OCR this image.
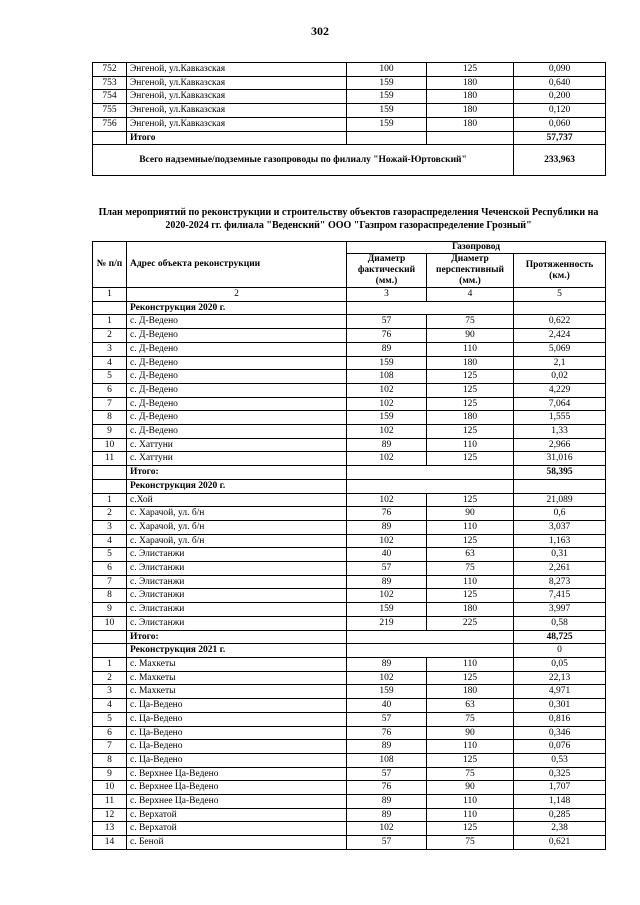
302
752	Энгеной, ул.Кавказская	100	125	0,090
753	Энгеной, ул.Кавказская	159	180	0,640
754	Энгеной, ул.Кавказская	159	180	0,200
755	Энгеной, ул.Кавказская	159	180	0,120
756	Энгеной, ул.Кавказская	159	180	0,060
	Итого			57,737
Всего надземные/подземные газопроводы по филиалу "Ножай-Юртовский"				233,963
План мероприятий по реконструкции и строительству объектов газораспределения Чеченской Республики на 2020-2024 гг. филиала "Веденский" ООО "Газпром газораспределение Грозный"
№ п/п	Адрес объекта реконструкции	Газопровод		
		Диаметр фактический (мм.)	Диаметр перспективный (мм.)	Протяженность (км.)
1	2	3	4	5
	Реконструкция 2020 г.			
1	с. Д-Ведено	57	75	0,622
2	с. Д-Ведено	76	90	2,424
3	с. Д-Ведено	89	110	5,069
4	с. Д-Ведено	159	180	2,1
5	с. Д-Ведено	108	125	0,02
6	с. Д-Ведено	102	125	4,229
7	с. Д-Ведено	102	125	7,064
8	с. Д-Ведено	159	180	1,555
9	с. Д-Ведено	102	125	1,33
10	с. Хаттуни	89	110	2,966
11	с. Хаттуни	102	125	31,016
	Итого:			58,395
	Реконструкция 2020 г.			
1	с.Хой	102	125	21,089
2	с. Харачой, ул. б/н	76	90	0,6
3	с. Харачой, ул. б/н	89	110	3,037
4	с. Харачой, ул. б/н	102	125	1,163
5	с. Элистанжи	40	63	0,31
6	с. Элистанжи	57	75	2,261
7	с. Элистанжи	89	110	8,273
8	с. Элистанжи	102	125	7,415
9	с. Элистанжи	159	180	3,997
10	с. Элистанжи	219	225	0,58
	Итого:			48,725
	Реконструкция 2021 г.			0
1	с. Махкеты	89	110	0,05
2	с. Махкеты	102	125	22,13
3	с. Махкеты	159	180	4,971
4	с. Ца-Ведено	40	63	0,301
5	с. Ца-Ведено	57	75	0,816
6	с. Ца-Ведено	76	90	0,346
7	с. Ца-Ведено	89	110	0,076
8	с. Ца-Ведено	108	125	0,53
9	с. Верхнее Ца-Ведено	57	75	0,325
10	с. Верхнее Ца-Ведено	76	90	1,707
11	с. Верхнее Ца-Ведено	89	110	1,148
12	с. Верхатой	89	110	0,285
13	с. Верхатой	102	125	2,38
14	с. Беной	57	75	0,621
